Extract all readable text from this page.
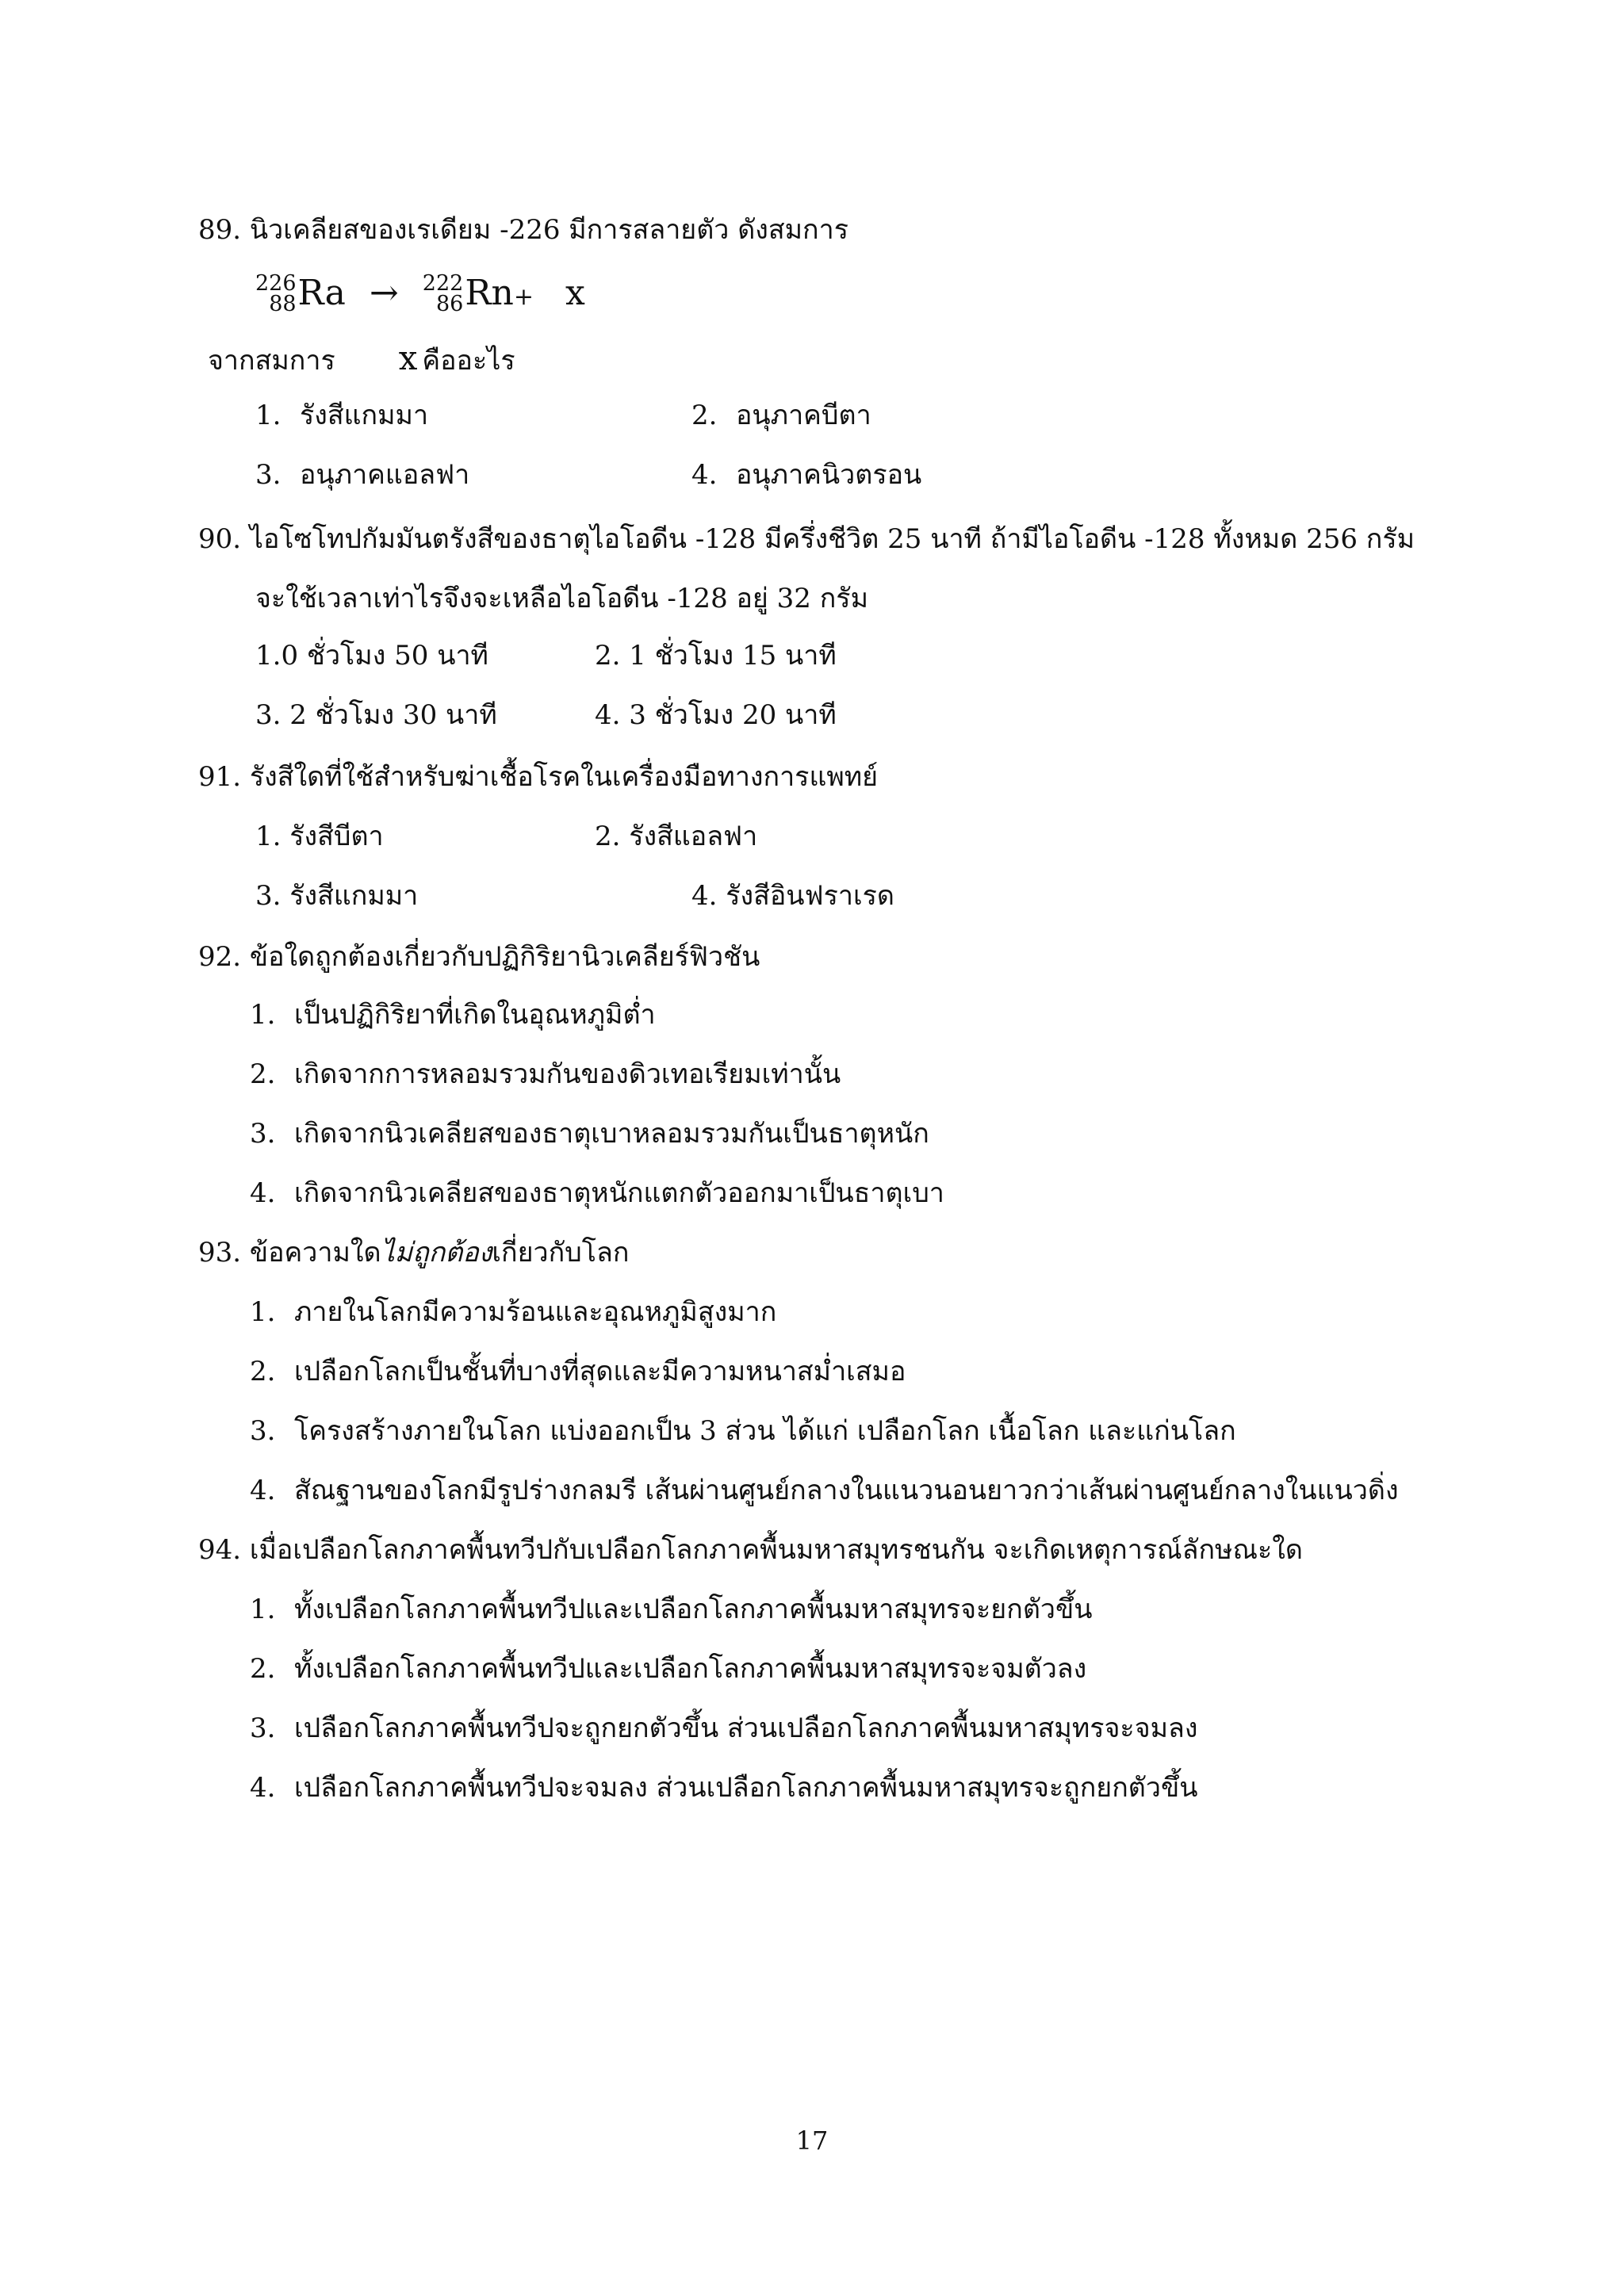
89. นิวเคลียสของเรเดียม -226 มีการสลายตัว ดังสมการ
226
88 Ra → 222
86 Rn+ x
จากสมการ x คืออะไร
1. รังสีแกมมา	2. อนุภาคบีตา
3. อนุภาคแอลฟา	4. อนุภาคนิวตรอน
90. ไอโซโทปกัมมันตรังสีของธาตุไอโอดีน -128 มีครึ่งชีวิต 25 นาที ถ้ามีไอโอดีน -128 ทั้งหมด 256 กรัม
จะใช้เวลาเท่าไรจึงจะเหลือไอโอดีน -128 อยู่ 32 กรัม
1.0 ชั่วโมง 50 นาที	2. 1 ชั่วโมง 15 นาที
3. 2 ชั่วโมง 30 นาที	4. 3 ชั่วโมง 20 นาที
91. รังสีใดที่ใช้สำหรับฆ่าเชื้อโรคในเครื่องมือทางการแพทย์
1. รังสีบีตา	2. รังสีแอลฟา
3. รังสีแกมมา	4. รังสีอินฟราเรด
92. ข้อใดถูกต้องเกี่ยวกับปฏิกิริยานิวเคลียร์ฟิวชัน
1. เป็นปฏิกิริยาที่เกิดในอุณหภูมิต่ำ
2. เกิดจากการหลอมรวมกันของดิวเทอเรียมเท่านั้น
3. เกิดจากนิวเคลียสของธาตุเบาหลอมรวมกันเป็นธาตุหนัก
4. เกิดจากนิวเคลียสของธาตุหนักแตกตัวออกมาเป็นธาตุเบา
93. ข้อความใดไม่ถูกต้องเกี่ยวกับโลก
1. ภายในโลกมีความร้อนและอุณหภูมิสูงมาก
2. เปลือกโลกเป็นชั้นที่บางที่สุดและมีความหนาสม่ำเสมอ
3. โครงสร้างภายในโลก แบ่งออกเป็น 3 ส่วน ได้แก่ เปลือกโลก เนื้อโลก และแก่นโลก
4. สัณฐานของโลกมีรูปร่างกลมรี เส้นผ่านศูนย์กลางในแนวนอนยาวกว่าเส้นผ่านศูนย์กลางในแนวดิ่ง
94. เมื่อเปลือกโลกภาคพื้นทวีปกับเปลือกโลกภาคพื้นมหาสมุทรชนกัน จะเกิดเหตุการณ์ลักษณะใด
1. ทั้งเปลือกโลกภาคพื้นทวีปและเปลือกโลกภาคพื้นมหาสมุทรจะยกตัวขึ้น
2. ทั้งเปลือกโลกภาคพื้นทวีปและเปลือกโลกภาคพื้นมหาสมุทรจะจมตัวลง
3. เปลือกโลกภาคพื้นทวีปจะถูกยกตัวขึ้น ส่วนเปลือกโลกภาคพื้นมหาสมุทรจะจมลง
4. เปลือกโลกภาคพื้นทวีปจะจมลง ส่วนเปลือกโลกภาคพื้นมหาสมุทรจะถูกยกตัวขึ้น
17
